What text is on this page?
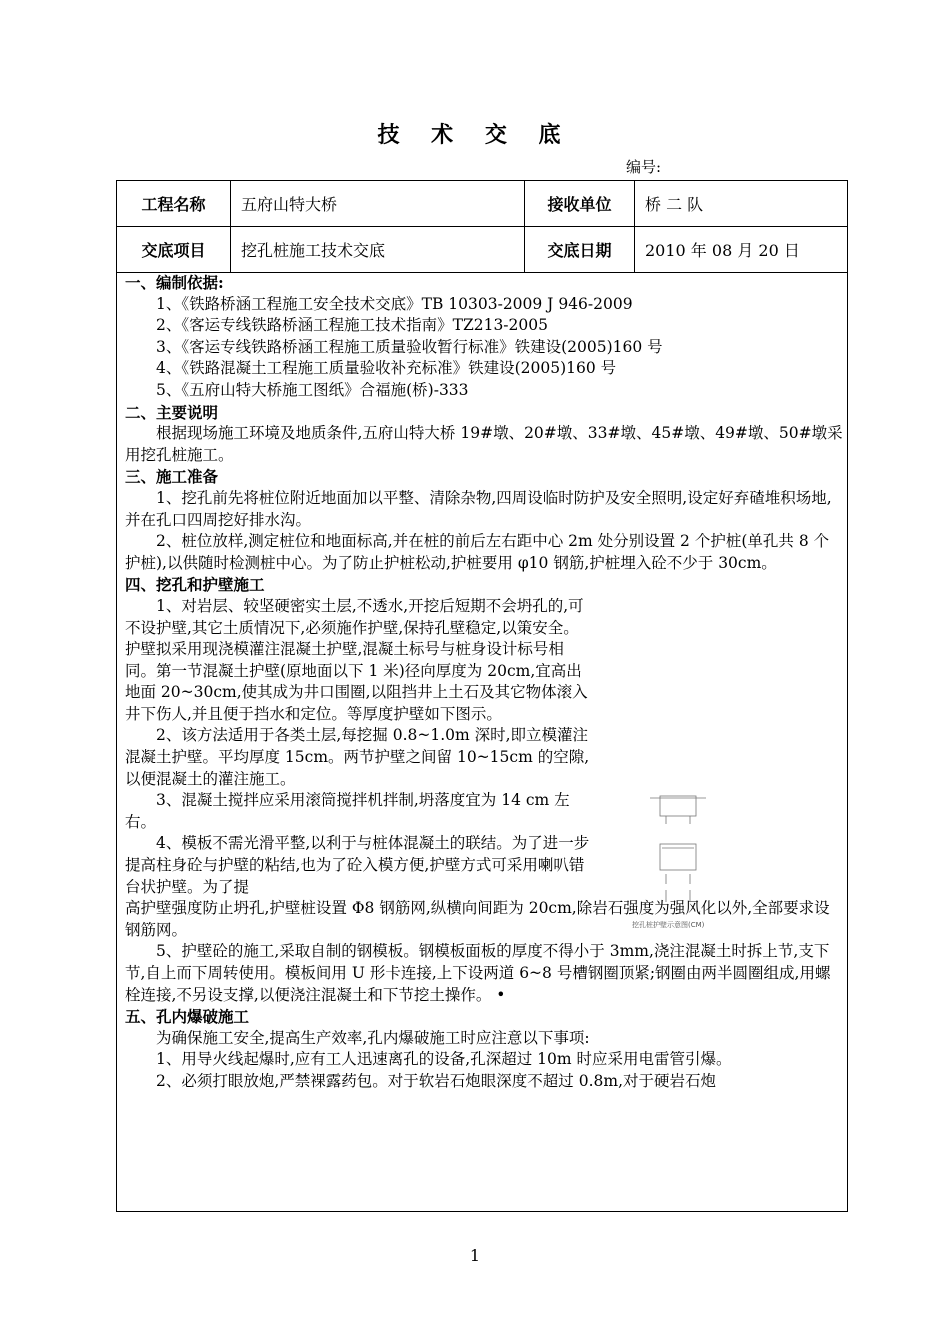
技 术 交 底
编号:
工程名称	五府山特大桥	接收单位	桥 二 队
交底项目	挖孔桩施工技术交底	交底日期	2010 年 08 月 20 日

一、编制依据:

1、《铁路桥涵工程施工安全技术交底》TB 10303-2009 J 946-2009

2、《客运专线铁路桥涵工程施工技术指南》TZ213-2005

3、《客运专线铁路桥涵工程施工质量验收暂行标准》铁建设(2005)160 号

4、《铁路混凝土工程施工质量验收补充标准》铁建设(2005)160 号

5、《五府山特大桥施工图纸》合福施(桥)-333

二、主要说明

根据现场施工环境及地质条件,五府山特大桥 19#墩、20#墩、33#墩、45#墩、49#墩、50#墩采用挖孔桩施工。

三、施工准备

1、挖孔前先将桩位附近地面加以平整、清除杂物,四周设临时防护及安全照明,设定好弃碴堆积场地,并在孔口四周挖好排水沟。

2、桩位放样,测定桩位和地面标高,并在桩的前后左右距中心 2m 处分别设置 2 个护桩(单孔共 8 个护桩),以供随时检测桩中心。为了防止护桩松动,护桩要用 φ10 钢筋,护桩埋入砼不少于 30cm。

四、挖孔和护壁施工

1、对岩层、较坚硬密实土层,不透水,开挖后短期不会坍孔的,可不设护壁,其它土质情况下,必须施作护壁,保持孔壁稳定,以策安全。护壁拟采用现浇模灌注混凝土护壁,混凝土标号与桩身设计标号相同。第一节混凝土护壁(原地面以下 1 米)径向厚度为 20cm,宜高出地面 20~30cm,使其成为井口围圈,以阻挡井上土石及其它物体滚入井下伤人,并且便于挡水和定位。等厚度护壁如下图示。

2、该方法适用于各类土层,每挖掘 0.8~1.0m 深时,即立模灌注混凝土护壁。平均厚度 15cm。两节护壁之间留 10~15cm 的空隙,以便混凝土的灌注施工。

3、混凝土搅拌应采用滚筒搅拌机拌制,坍落度宜为 14 cm 左右。

4、模板不需光滑平整,以利于与桩体混凝土的联结。为了进一步提高柱身砼与护壁的粘结,也为了砼入模方便,护壁方式可采用喇叭错台状护壁。为了提

高护壁强度防止坍孔,护壁桩设置 Φ8 钢筋网,纵横向间距为 20cm,除岩石强度为强风化以外,全部要求设钢筋网。

5、护壁砼的施工,采取自制的钢模板。钢模板面板的厚度不得小于 3mm,浇注混凝土时拆上节,支下节,自上而下周转使用。模板间用 U 形卡连接,上下设两道 6~8 号槽钢圈顶紧;钢圈由两半圆圈组成,用螺栓连接,不另设支撑,以便浇注混凝土和下节挖土操作。 •

五、孔内爆破施工

为确保施工安全,提高生产效率,孔内爆破施工时应注意以下事项:

1、用导火线起爆时,应有工人迅速离孔的设备,孔深超过 10m 时应采用电雷管引爆。

2、必须打眼放炮,严禁裸露药包。对于软岩石炮眼深度不超过 0.8m,对于硬岩石炮

挖孔桩护壁示意图(CM)
1
